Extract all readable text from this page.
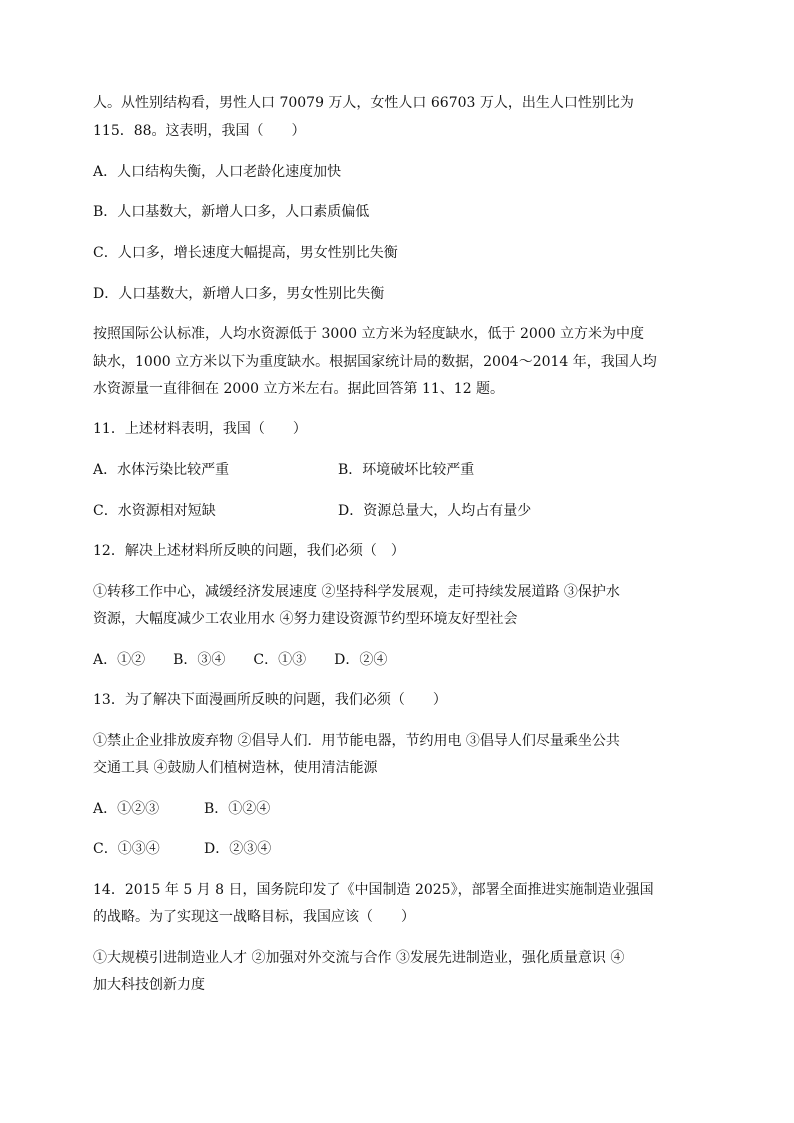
人。从性别结构看，男性人口 70079 万人，女性人口 66703 万人，出生人口性别比为
115．88。这表明，我国（　　）
A．人口结构失衡，人口老龄化速度加快
B．人口基数大，新增人口多，人口素质偏低
C．人口多，增长速度大幅提高，男女性别比失衡
D．人口基数大，新增人口多，男女性别比失衡
按照国际公认标准，人均水资源低于 3000 立方米为轻度缺水，低于 2000 立方米为中度
缺水，1000 立方米以下为重度缺水。根据国家统计局的数据，2004～2014 年，我国人均
水资源量一直徘徊在 2000 立方米左右。据此回答第 11、12 题。
11．上述材料表明，我国（　　）
A．水体污染比较严重	B．环境破坏比较严重
C．水资源相对短缺	D．资源总量大，人均占有量少
12．解决上述材料所反映的问题，我们必须（　）
①转移工作中心，减缓经济发展速度 ②坚持科学发展观，走可持续发展道路 ③保护水
资源，大幅度减少工农业用水 ④努力建设资源节约型环境友好型社会
A．①②　　B．③④　　C．①③　　D．②④
13．为了解决下面漫画所反映的问题，我们必须（　　）
①禁止企业排放废弃物 ②倡导人们．用节能电器，节约用电 ③倡导人们尽量乘坐公共
交通工具 ④鼓励人们植树造林，使用清洁能源
A．①②③	B．①②④
C．①③④	D．②③④
14．2015 年 5 月 8 日，国务院印发了《中国制造 2025》，部署全面推进实施制造业强国
的战略。为了实现这一战略目标，我国应该（　　）
①大规模引进制造业人才 ②加强对外交流与合作 ③发展先进制造业，强化质量意识 ④
加大科技创新力度
